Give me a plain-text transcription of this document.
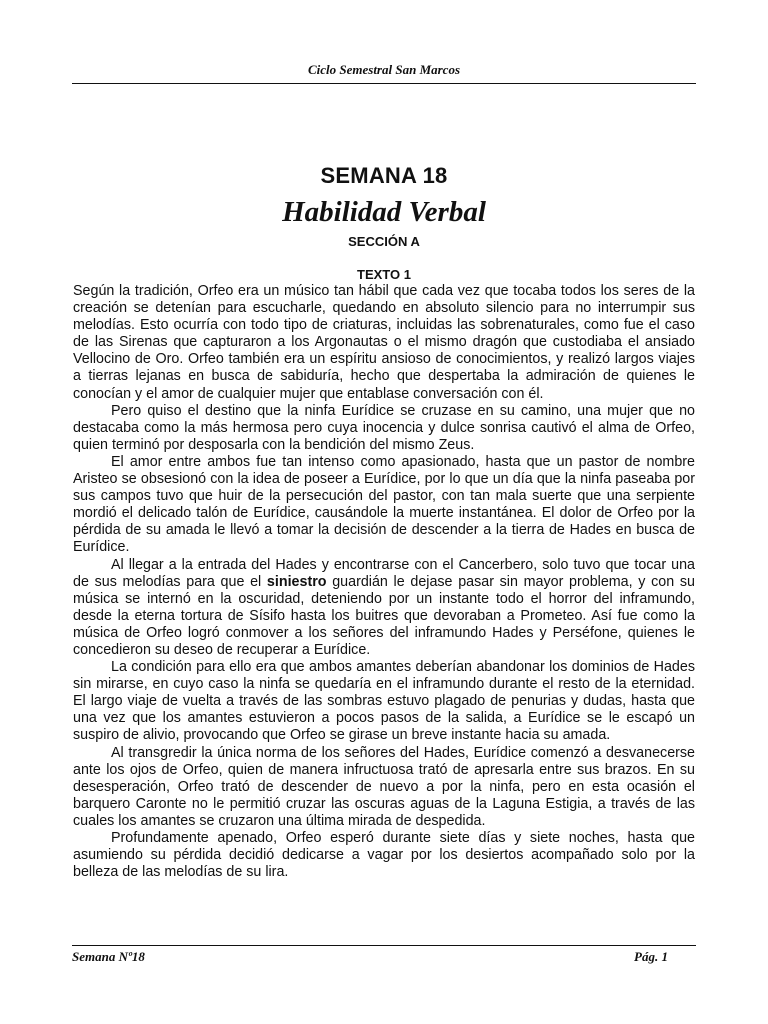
Ciclo Semestral San Marcos
SEMANA 18
Habilidad Verbal
SECCIÓN A
TEXTO 1

Según la tradición, Orfeo era un músico tan hábil que cada vez que tocaba todos los seres de la creación se detenían para escucharle, quedando en absoluto silencio para no interrumpir sus melodías. Esto ocurría con todo tipo de criaturas, incluidas las sobrenaturales, como fue el caso de las Sirenas que capturaron a los Argonautas o el mismo dragón que custodiaba el ansiado Vellocino de Oro. Orfeo también era un espíritu ansioso de conocimientos, y realizó largos viajes a tierras lejanas en busca de sabiduría, hecho que despertaba la admiración de quienes le conocían y el amor de cualquier mujer que entablase conversación con él.

Pero quiso el destino que la ninfa Eurídice se cruzase en su camino, una mujer que no destacaba como la más hermosa pero cuya inocencia y dulce sonrisa cautivó el alma de Orfeo, quien terminó por desposarla con la bendición del mismo Zeus.

El amor entre ambos fue tan intenso como apasionado, hasta que un pastor de nombre Aristeo se obsesionó con la idea de poseer a Eurídice, por lo que un día que la ninfa paseaba por sus campos tuvo que huir de la persecución del pastor, con tan mala suerte que una serpiente mordió el delicado talón de Eurídice, causándole la muerte instantánea. El dolor de Orfeo por la pérdida de su amada le llevó a tomar la decisión de descender a la tierra de Hades en busca de Eurídice.

Al llegar a la entrada del Hades y encontrarse con el Cancerbero, solo tuvo que tocar una de sus melodías para que el siniestro guardián le dejase pasar sin mayor problema, y con su música se internó en la oscuridad, deteniendo por un instante todo el horror del inframundo, desde la eterna tortura de Sísifo hasta los buitres que devoraban a Prometeo. Así fue como la música de Orfeo logró conmover a los señores del inframundo Hades y Perséfone, quienes le concedieron su deseo de recuperar a Eurídice.

La condición para ello era que ambos amantes deberían abandonar los dominios de Hades sin mirarse, en cuyo caso la ninfa se quedaría en el inframundo durante el resto de la eternidad. El largo viaje de vuelta a través de las sombras estuvo plagado de penurias y dudas, hasta que una vez que los amantes estuvieron a pocos pasos de la salida, a Eurídice se le escapó un suspiro de alivio, provocando que Orfeo se girase un breve instante hacia su amada.

Al transgredir la única norma de los señores del Hades, Eurídice comenzó a desvanecerse ante los ojos de Orfeo, quien de manera infructuosa trató de apresarla entre sus brazos. En su desesperación, Orfeo trató de descender de nuevo a por la ninfa, pero en esta ocasión el barquero Caronte no le permitió cruzar las oscuras aguas de la Laguna Estigia, a través de las cuales los amantes se cruzaron una última mirada de despedida.

Profundamente apenado, Orfeo esperó durante siete días y siete noches, hasta que asumiendo su pérdida decidió dedicarse a vagar por los desiertos acompañado solo por la belleza de las melodías de su lira.

Semana Nº18	Pág. 1
